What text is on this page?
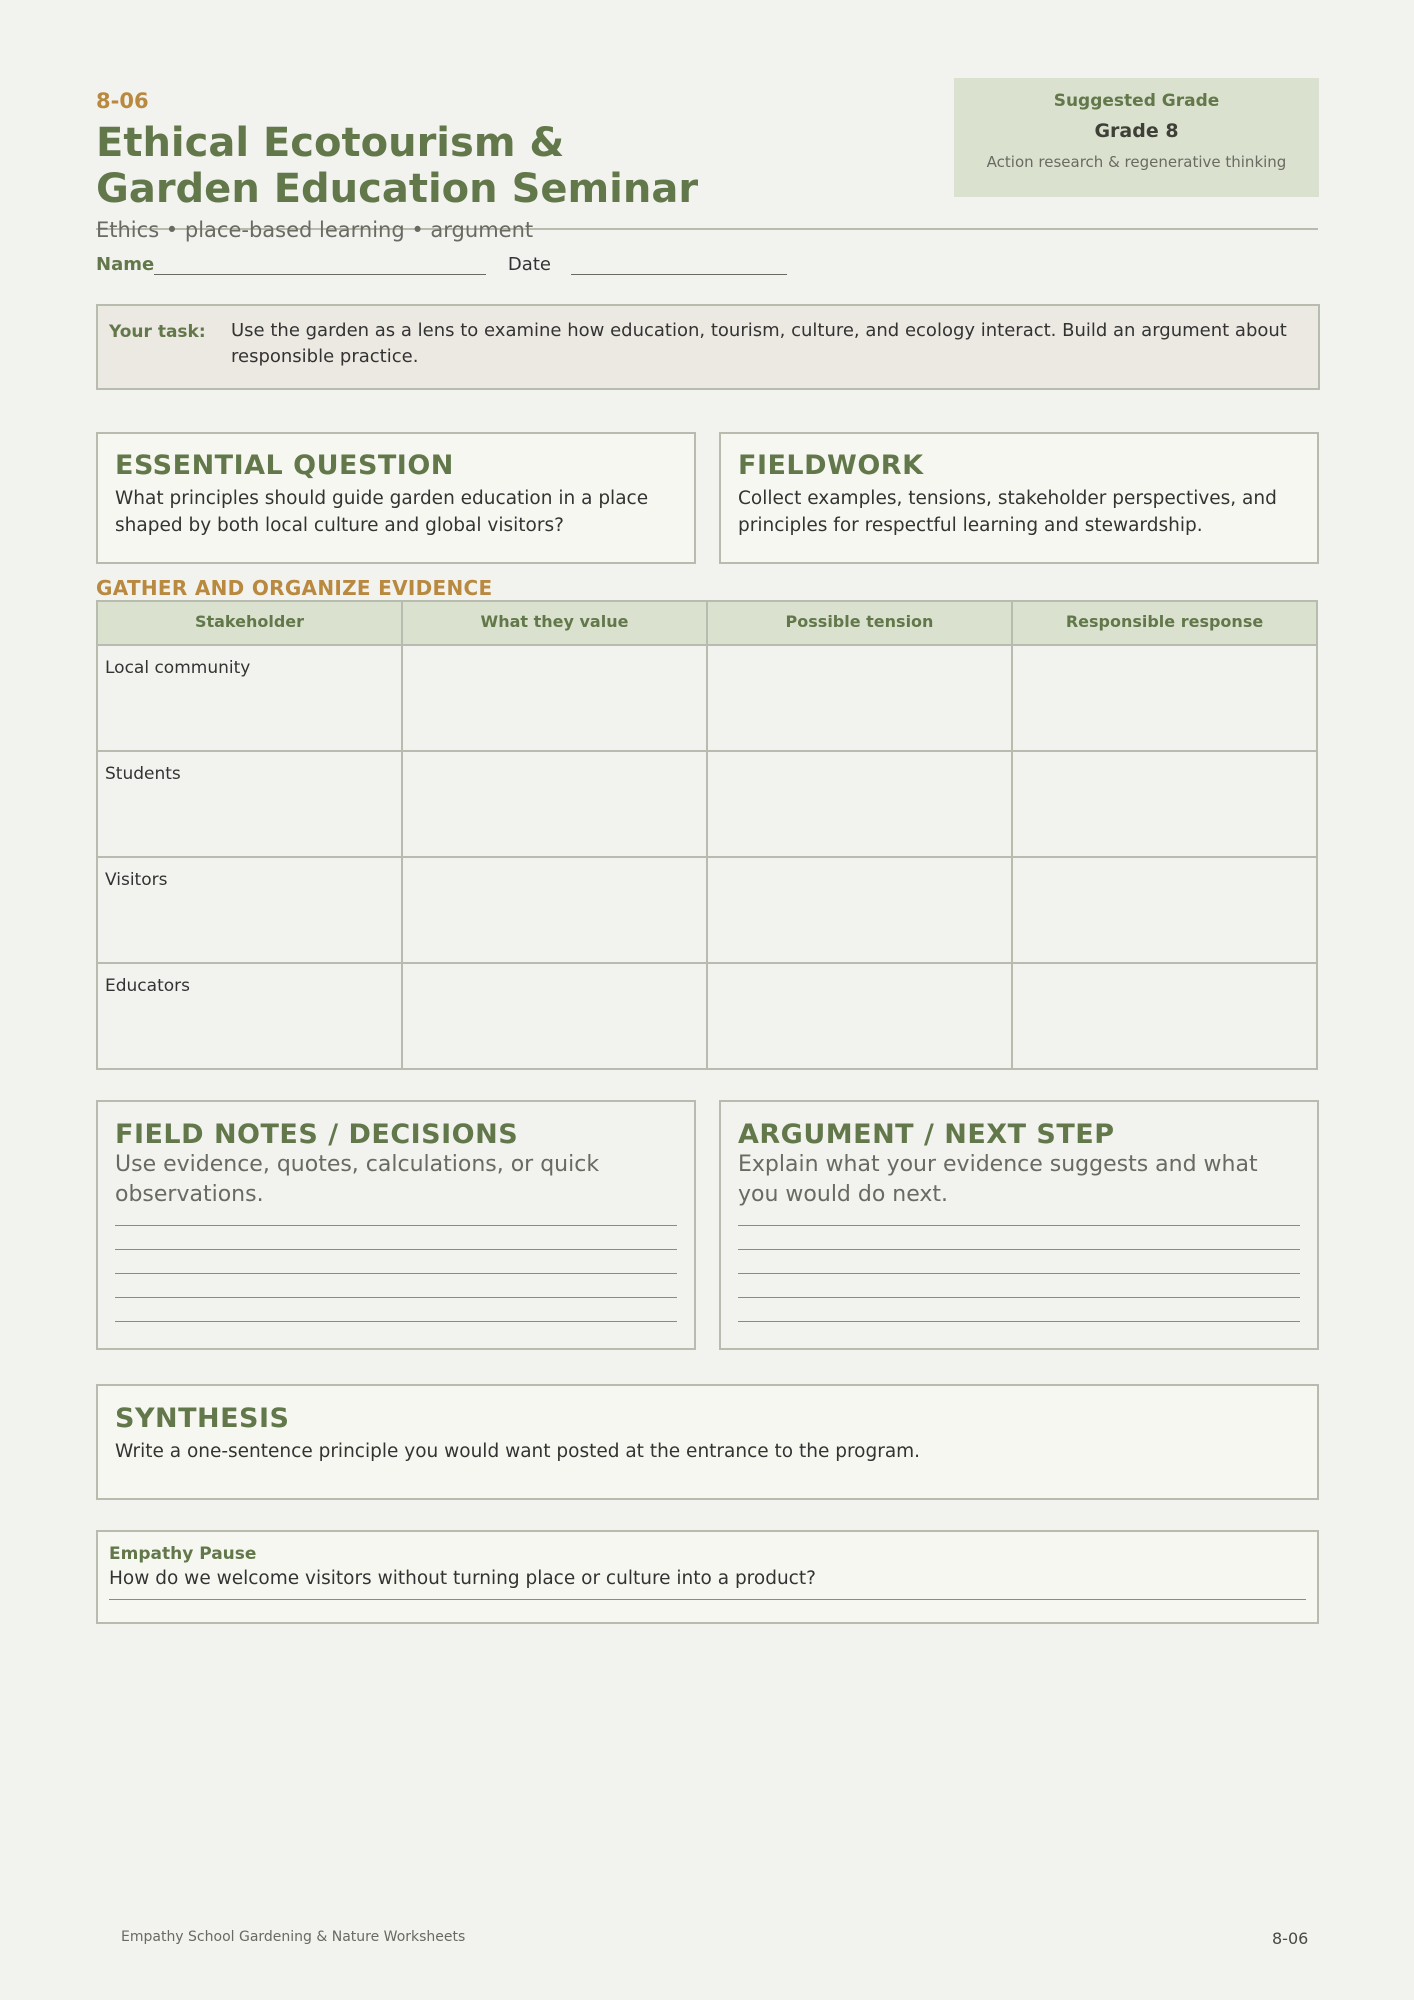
8-06
Ethical Ecotourism & Garden Education Seminar
Ethics • place-based learning • argument
Suggested Grade
Grade 8
Action research & regenerative thinking
Name	Date
Your task: Use the garden as a lens to examine how education, tourism, culture, and ecology interact. Build an argument about responsible practice.
ESSENTIAL QUESTION
What principles should guide garden education in a place shaped by both local culture and global visitors?
FIELDWORK
Collect examples, tensions, stakeholder perspectives, and principles for respectful learning and stewardship.
GATHER AND ORGANIZE EVIDENCE
Stakeholder	What they value	Possible tension	Responsible response
Local community			
Students			
Visitors			
Educators			
FIELD NOTES / DECISIONS
Use evidence, quotes, calculations, or quick observations.
ARGUMENT / NEXT STEP
Explain what your evidence suggests and what you would do next.
SYNTHESIS
Write a one-sentence principle you would want posted at the entrance to the program.
Empathy Pause
How do we welcome visitors without turning place or culture into a product?
Empathy School Gardening & Nature Worksheets	8-06
